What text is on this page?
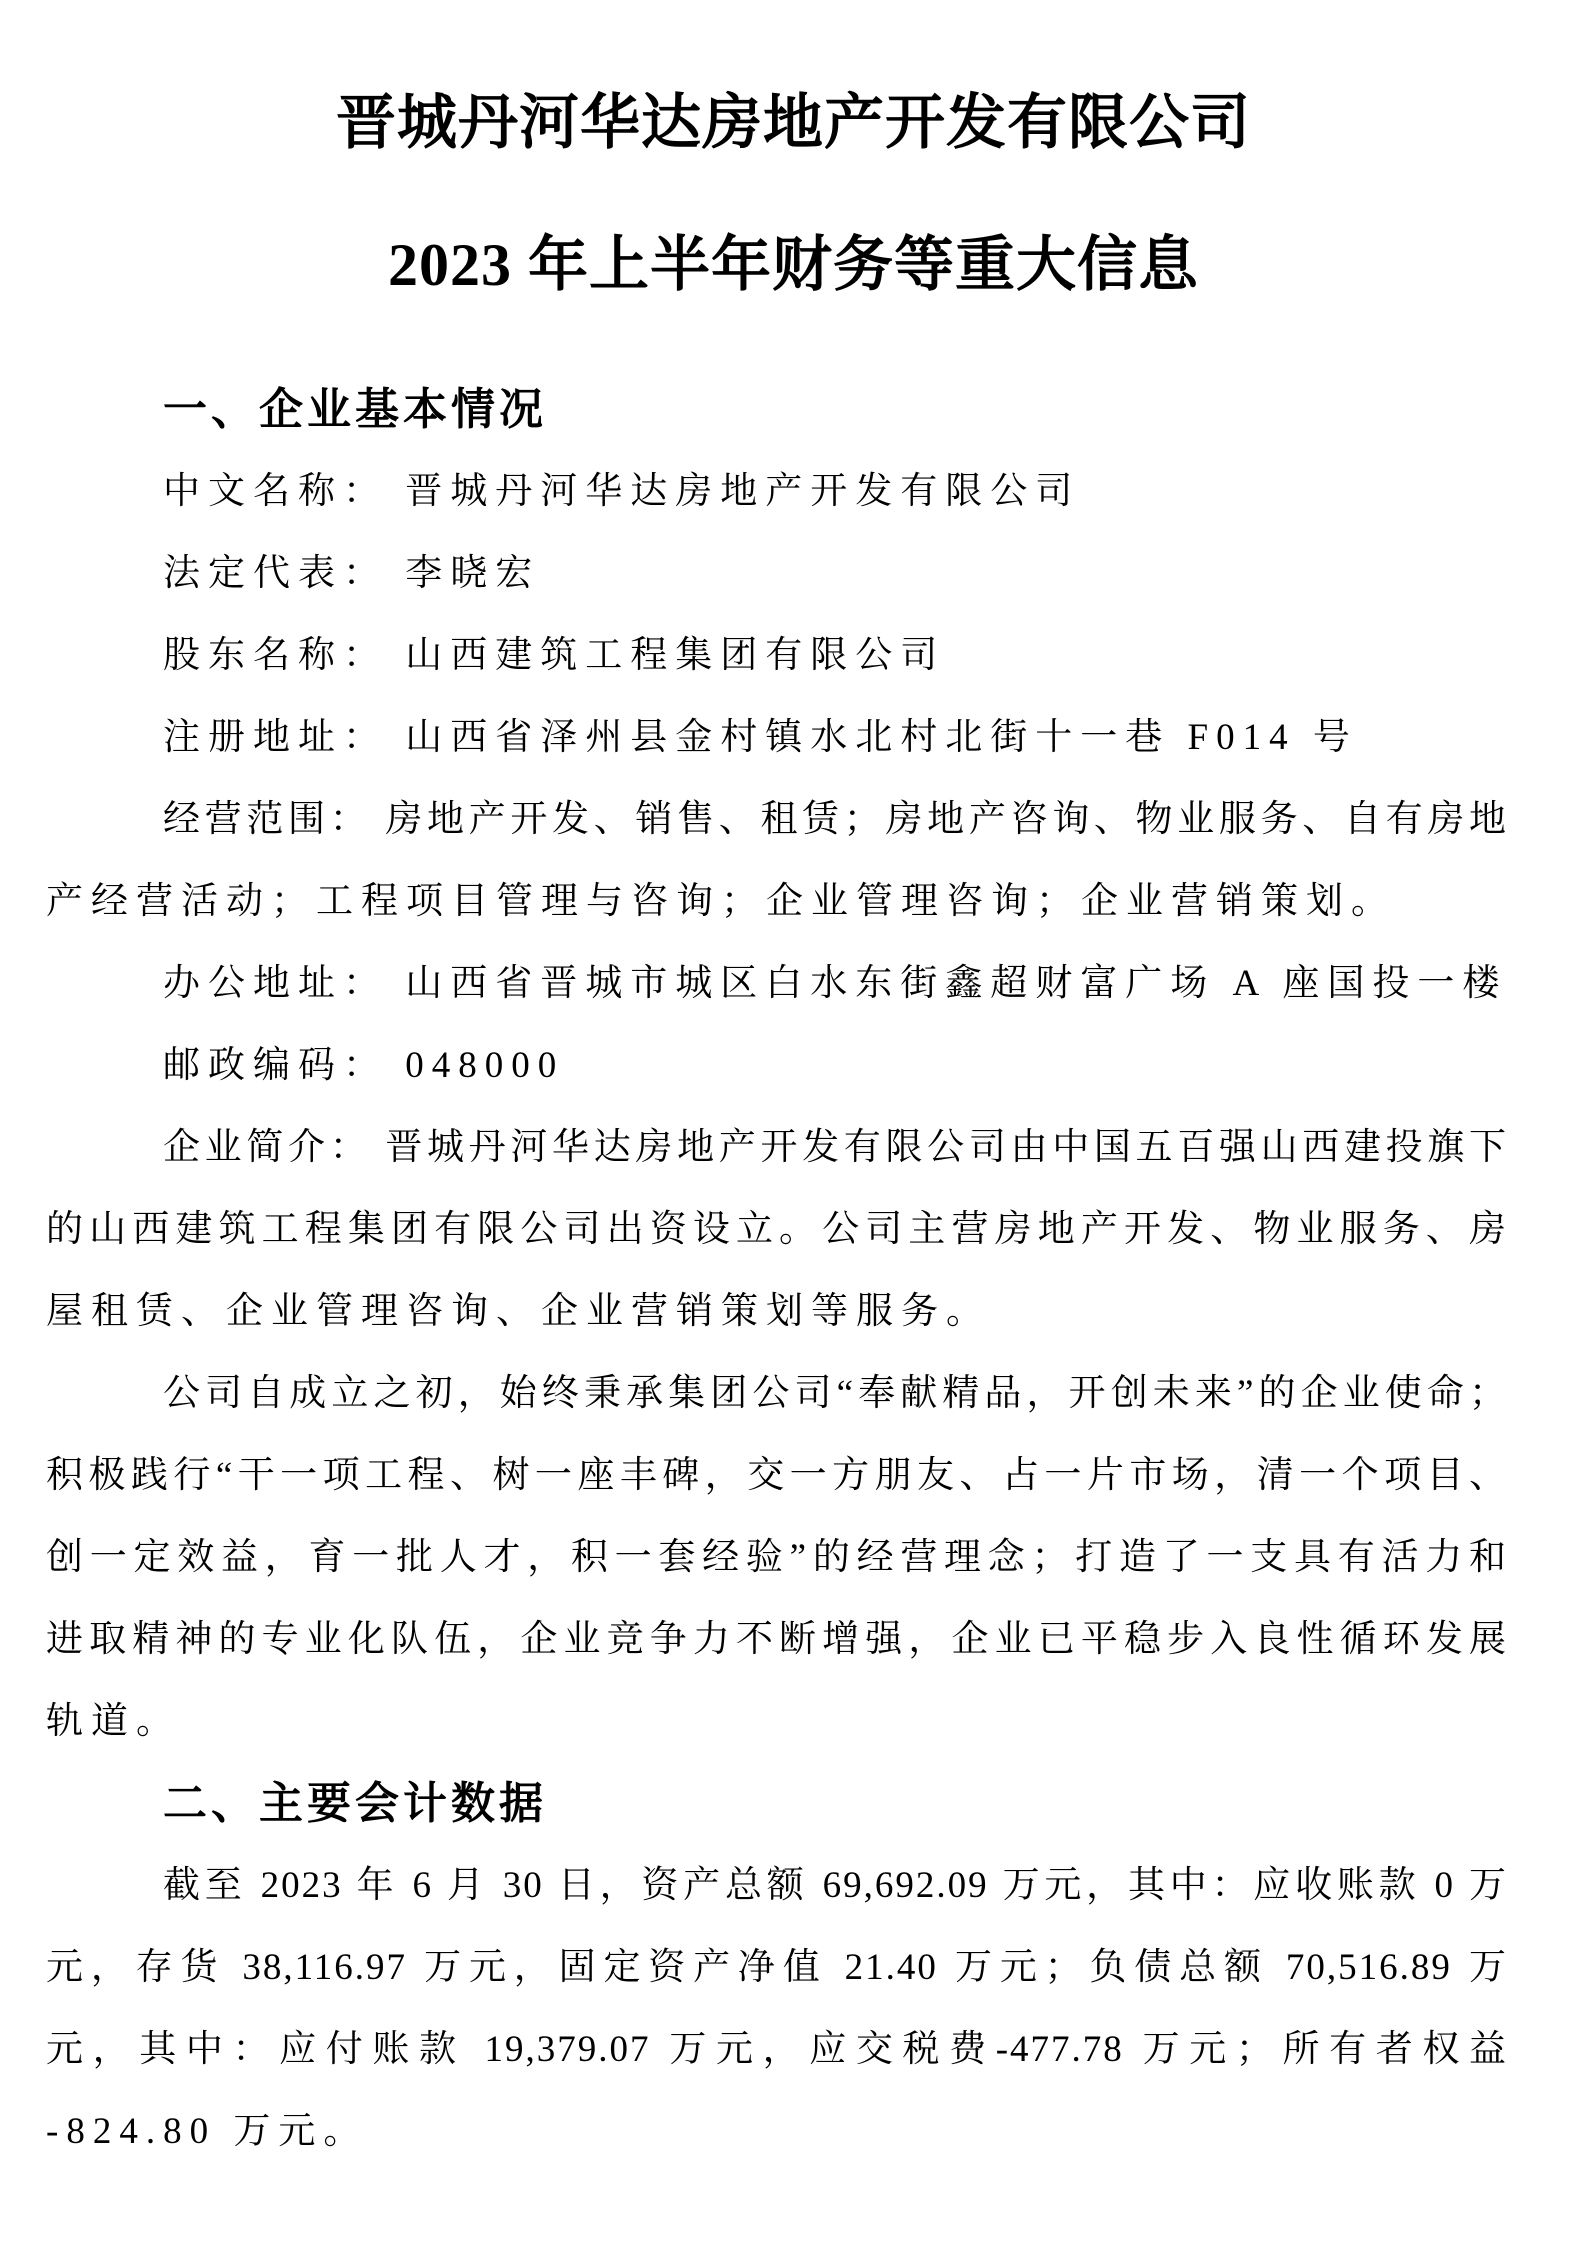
晋城丹河华达房地产开发有限公司
2023 年上半年财务等重大信息
一、企业基本情况
中文名称： 晋城丹河华达房地产开发有限公司
法定代表： 李晓宏
股东名称： 山西建筑工程集团有限公司
注册地址： 山西省泽州县金村镇水北村北街十一巷 F014 号
经营范围： 房地产开发、销售、租赁；房地产咨询、物业服务、自有房地
产经营活动；工程项目管理与咨询；企业管理咨询；企业营销策划。
办公地址： 山西省晋城市城区白水东街鑫超财富广场 A 座国投一楼
邮政编码： 048000
企业简介： 晋城丹河华达房地产开发有限公司由中国五百强山西建投旗下
的山西建筑工程集团有限公司出资设立。公司主营房地产开发、物业服务、房
屋租赁、企业管理咨询、企业营销策划等服务。
公司自成立之初，始终秉承集团公司“奉献精品，开创未来”的企业使命；
积极践行“干一项工程、树一座丰碑，交一方朋友、占一片市场，清一个项目、
创一定效益，育一批人才，积一套经验”的经营理念；打造了一支具有活力和
进取精神的专业化队伍，企业竞争力不断增强，企业已平稳步入良性循环发展
轨道。
二、主要会计数据
截至 2023 年 6 月 30 日，资产总额 69,692.09 万元，其中：应收账款 0 万
元，存货 38,116.97 万元，固定资产净值 21.40 万元；负债总额 70,516.89 万
元，其中：应付账款 19,379.07 万元，应交税费-477.78 万元；所有者权益
-824.80 万元。
